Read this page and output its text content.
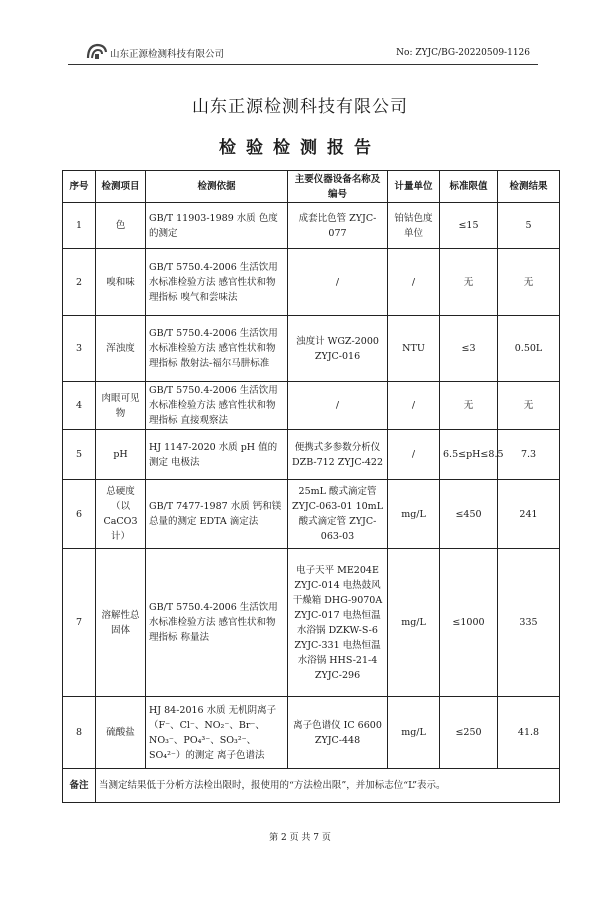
山东正源检测科技有限公司	No: ZYJC/BG-20220509-1126
山东正源检测科技有限公司
检验检测报告
序号	检测项目	检测依据	主要仪器设备名称及编号	计量单位	标准限值	检测结果
1	色	GB/T 11903-1989 水质 色度的测定	成套比色管 ZYJC-077	铂钴色度单位	≤15	5
2	嗅和味	GB/T 5750.4-2006 生活饮用水标准检验方法 感官性状和物理指标 嗅气和尝味法	/	/	无	无
3	浑浊度	GB/T 5750.4-2006 生活饮用水标准检验方法 感官性状和物理指标 散射法-福尔马肼标准	浊度计 WGZ-2000 ZYJC-016	NTU	≤3	0.50L
4	肉眼可见物	GB/T 5750.4-2006 生活饮用水标准检验方法 感官性状和物理指标 直接观察法	/	/	无	无
5	pH	HJ 1147-2020 水质 pH 值的测定 电极法	便携式多参数分析仪 DZB-712 ZYJC-422	/	6.5≤pH≤8.5	7.3
6	总硬度（以CaCO3计）	GB/T 7477-1987 水质 钙和镁总量的测定 EDTA 滴定法	25mL 酸式滴定管 ZYJC-063-01 10mL 酸式滴定管 ZYJC-063-03	mg/L	≤450	241
7	溶解性总固体	GB/T 5750.4-2006 生活饮用水标准检验方法 感官性状和物理指标 称量法	电子天平 ME204E ZYJC-014 电热鼓风干燥箱 DHG-9070A ZYJC-017 电热恒温水浴锅 DZKW-S-6 ZYJC-331 电热恒温水浴锅 HHS-21-4 ZYJC-296	mg/L	≤1000	335
8	硫酸盐	HJ 84-2016 水质 无机阴离子（F⁻、Cl⁻、NO₂⁻、Br⁻、NO₃⁻、PO₄³⁻、SO₃²⁻、SO₄²⁻）的测定 离子色谱法	离子色谱仪 IC 6600 ZYJC-448	mg/L	≤250	41.8
备注	当测定结果低于分析方法检出限时，报使用的“方法检出限”，并加标志位“L”表示。					
第 2 页 共 7 页
